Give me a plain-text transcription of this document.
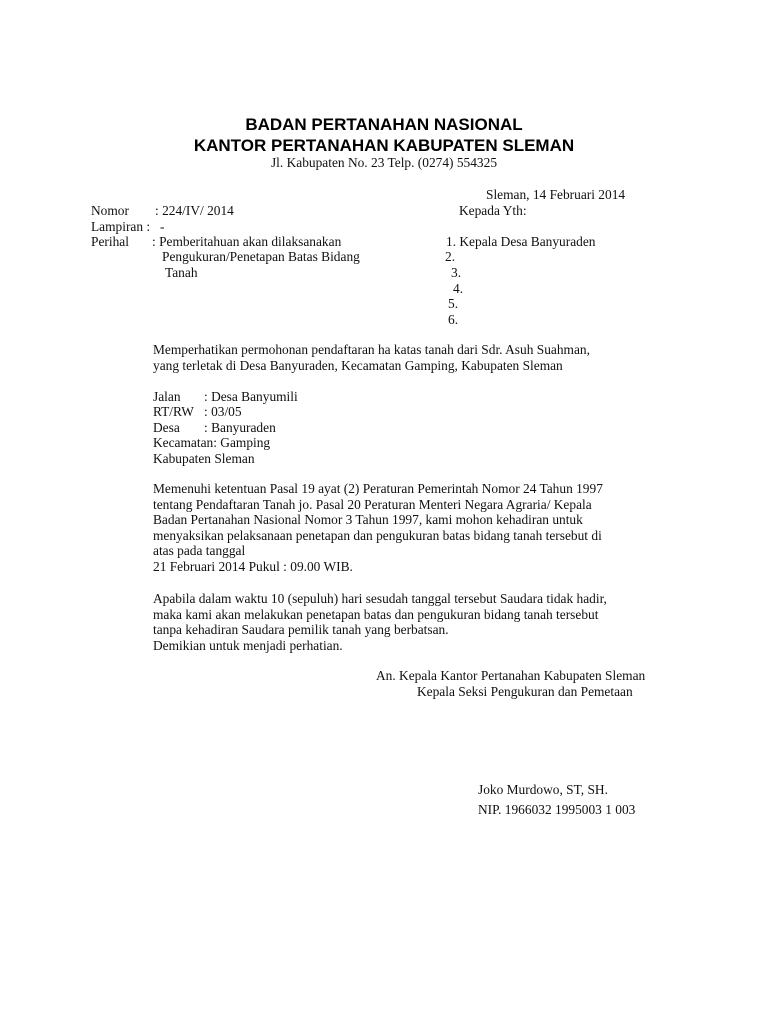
BADAN PERTANAHAN NASIONAL
KANTOR PERTANAHAN KABUPATEN SLEMAN
Jl. Kabupaten No. 23 Telp. (0274) 554325
Sleman, 14 Februari 2014
Nomor : 224/IV/ 2014
Lampiran : -
Perihal : Pemberitahuan akan dilaksanakan
Pengukuran/Penetapan Batas Bidang
Tanah
Kepada Yth:
1. Kepala Desa Banyuraden
2.
3.
4.
5.
6.
Memperhatikan permohonan pendaftaran ha katas tanah dari Sdr. Asuh Suahman,
yang terletak di Desa Banyuraden, Kecamatan Gamping, Kabupaten Sleman
Jalan : Desa Banyumili
RT/RW : 03/05
Desa : Banyuraden
Kecamatan: Gamping
Kabupaten Sleman
Memenuhi ketentuan Pasal 19 ayat (2) Peraturan Pemerintah Nomor 24 Tahun 1997
tentang Pendaftaran Tanah jo. Pasal 20 Peraturan Menteri Negara Agraria/ Kepala
Badan Pertanahan Nasional Nomor 3 Tahun 1997, kami mohon kehadiran untuk
menyaksikan pelaksanaan penetapan dan pengukuran batas bidang tanah tersebut di
atas pada tanggal
21 Februari 2014 Pukul : 09.00 WIB.
Apabila dalam waktu 10 (sepuluh) hari sesudah tanggal tersebut Saudara tidak hadir,
maka kami akan melakukan penetapan batas dan pengukuran bidang tanah tersebut
tanpa kehadiran Saudara pemilik tanah yang berbatsan.
Demikian untuk menjadi perhatian.
An. Kepala Kantor Pertanahan Kabupaten Sleman
Kepala Seksi Pengukuran dan Pemetaan
Joko Murdowo, ST, SH.
NIP. 1966032 1995003 1 003
